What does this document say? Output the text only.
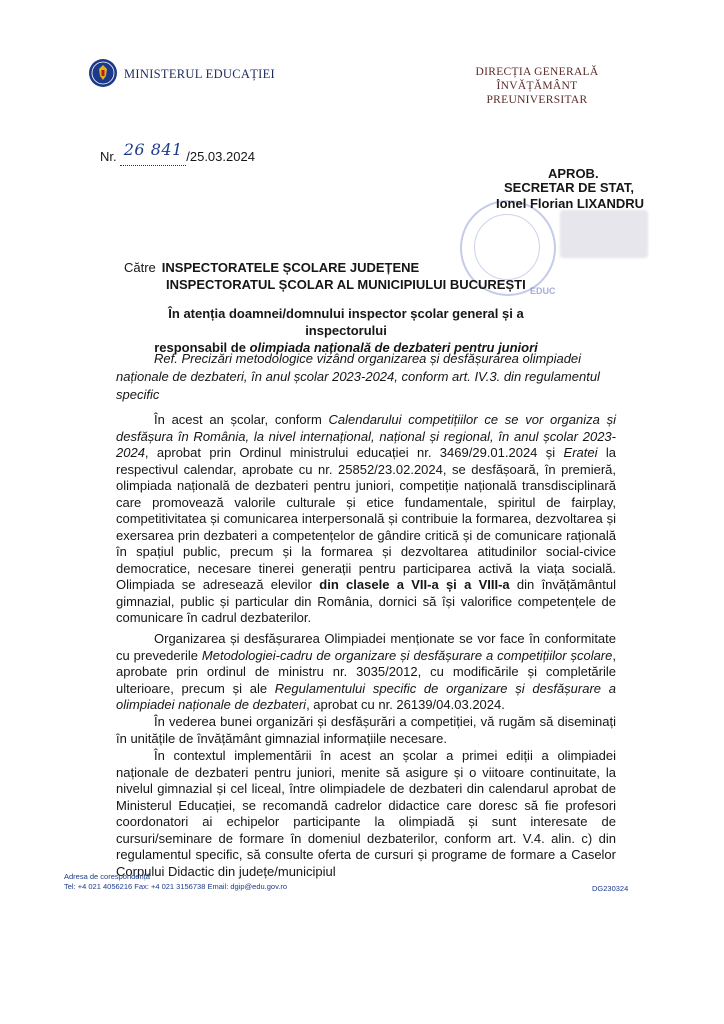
MINISTERUL EDUCAȚIEI	DIRECȚIA GENERALĂ
ÎNVĂȚĂMÂNT PREUNIVERSITAR
Nr. 26 841 /25.03.2024
APROB.
SECRETAR DE STAT,
Ionel Florian LIXANDRU
EDUC
Către INSPECTORATELE ȘCOLARE JUDEȚENE
INSPECTORATUL ȘCOLAR AL MUNICIPIULUI BUCUREȘTI
În atenția doamnei/domnului inspector școlar general și a inspectorului
responsabil de olimpiada națională de dezbateri pentru juniori
Ref. Precizări metodologice vizând organizarea și desfășurarea olimpiadei naționale de dezbateri, în anul școlar 2023-2024, conform art. IV.3. din regulamentul specific

În acest an școlar, conform Calendarului competițiilor ce se vor organiza și desfășura în România, la nivel internațional, național și regional, în anul școlar 2023-2024, aprobat prin Ordinul ministrului educației nr. 3469/29.01.2024 și Eratei la respectivul calendar, aprobate cu nr. 25852/23.02.2024, se desfășoară, în premieră, olimpiada națională de dezbateri pentru juniori, competiție națională transdisciplinară care promovează valorile culturale și etice fundamentale, spiritul de fairplay, competitivitatea și comunicarea interpersonală și contribuie la formarea, dezvoltarea și exersarea prin dezbateri a competențelor de gândire critică și de comunicare rațională în spațiul public, precum și la formarea și dezvoltarea atitudinilor social-civice democratice, necesare tinerei generații pentru participarea activă la viața socială. Olimpiada se adresează elevilor din clasele a VII-a și a VIII-a din învățământul gimnazial, public și particular din România, dornici să își valorifice competențele de comunicare în cadrul dezbaterilor.

Organizarea și desfășurarea Olimpiadei menționate se vor face în conformitate cu prevederile Metodologiei-cadru de organizare și desfășurare a competițiilor școlare, aprobate prin ordinul de ministru nr. 3035/2012, cu modificările și completările ulterioare, precum și ale Regulamentului specific de organizare și desfășurare a olimpiadei naționale de dezbateri, aprobat cu nr. 26139/04.03.2024.

În vederea bunei organizări și desfășurări a competiției, vă rugăm să diseminați în unitățile de învățământ gimnazial informațiile necesare.

În contextul implementării în acest an școlar a primei ediții a olimpiadei naționale de dezbateri pentru juniori, menite să asigure și o viitoare continuitate, la nivelul gimnazial și cel liceal, între olimpiadele de dezbateri din calendarul aprobat de Ministerul Educației, se recomandă cadrelor didactice care doresc să fie profesori coordonatori ai echipelor participante la olimpiadă și sunt interesate de cursuri/seminare de formare în domeniul dezbaterilor, conform art. V.4. alin. c) din regulamentul specific, să consulte oferta de cursuri și programe de formare a Caselor Corpului Didactic din județe/municipiul

Adresa de corespondență
Tel: +4 021 4056216 Fax: +4 021 3156738 Email: dgip@edu.gov.ro	DG230324
